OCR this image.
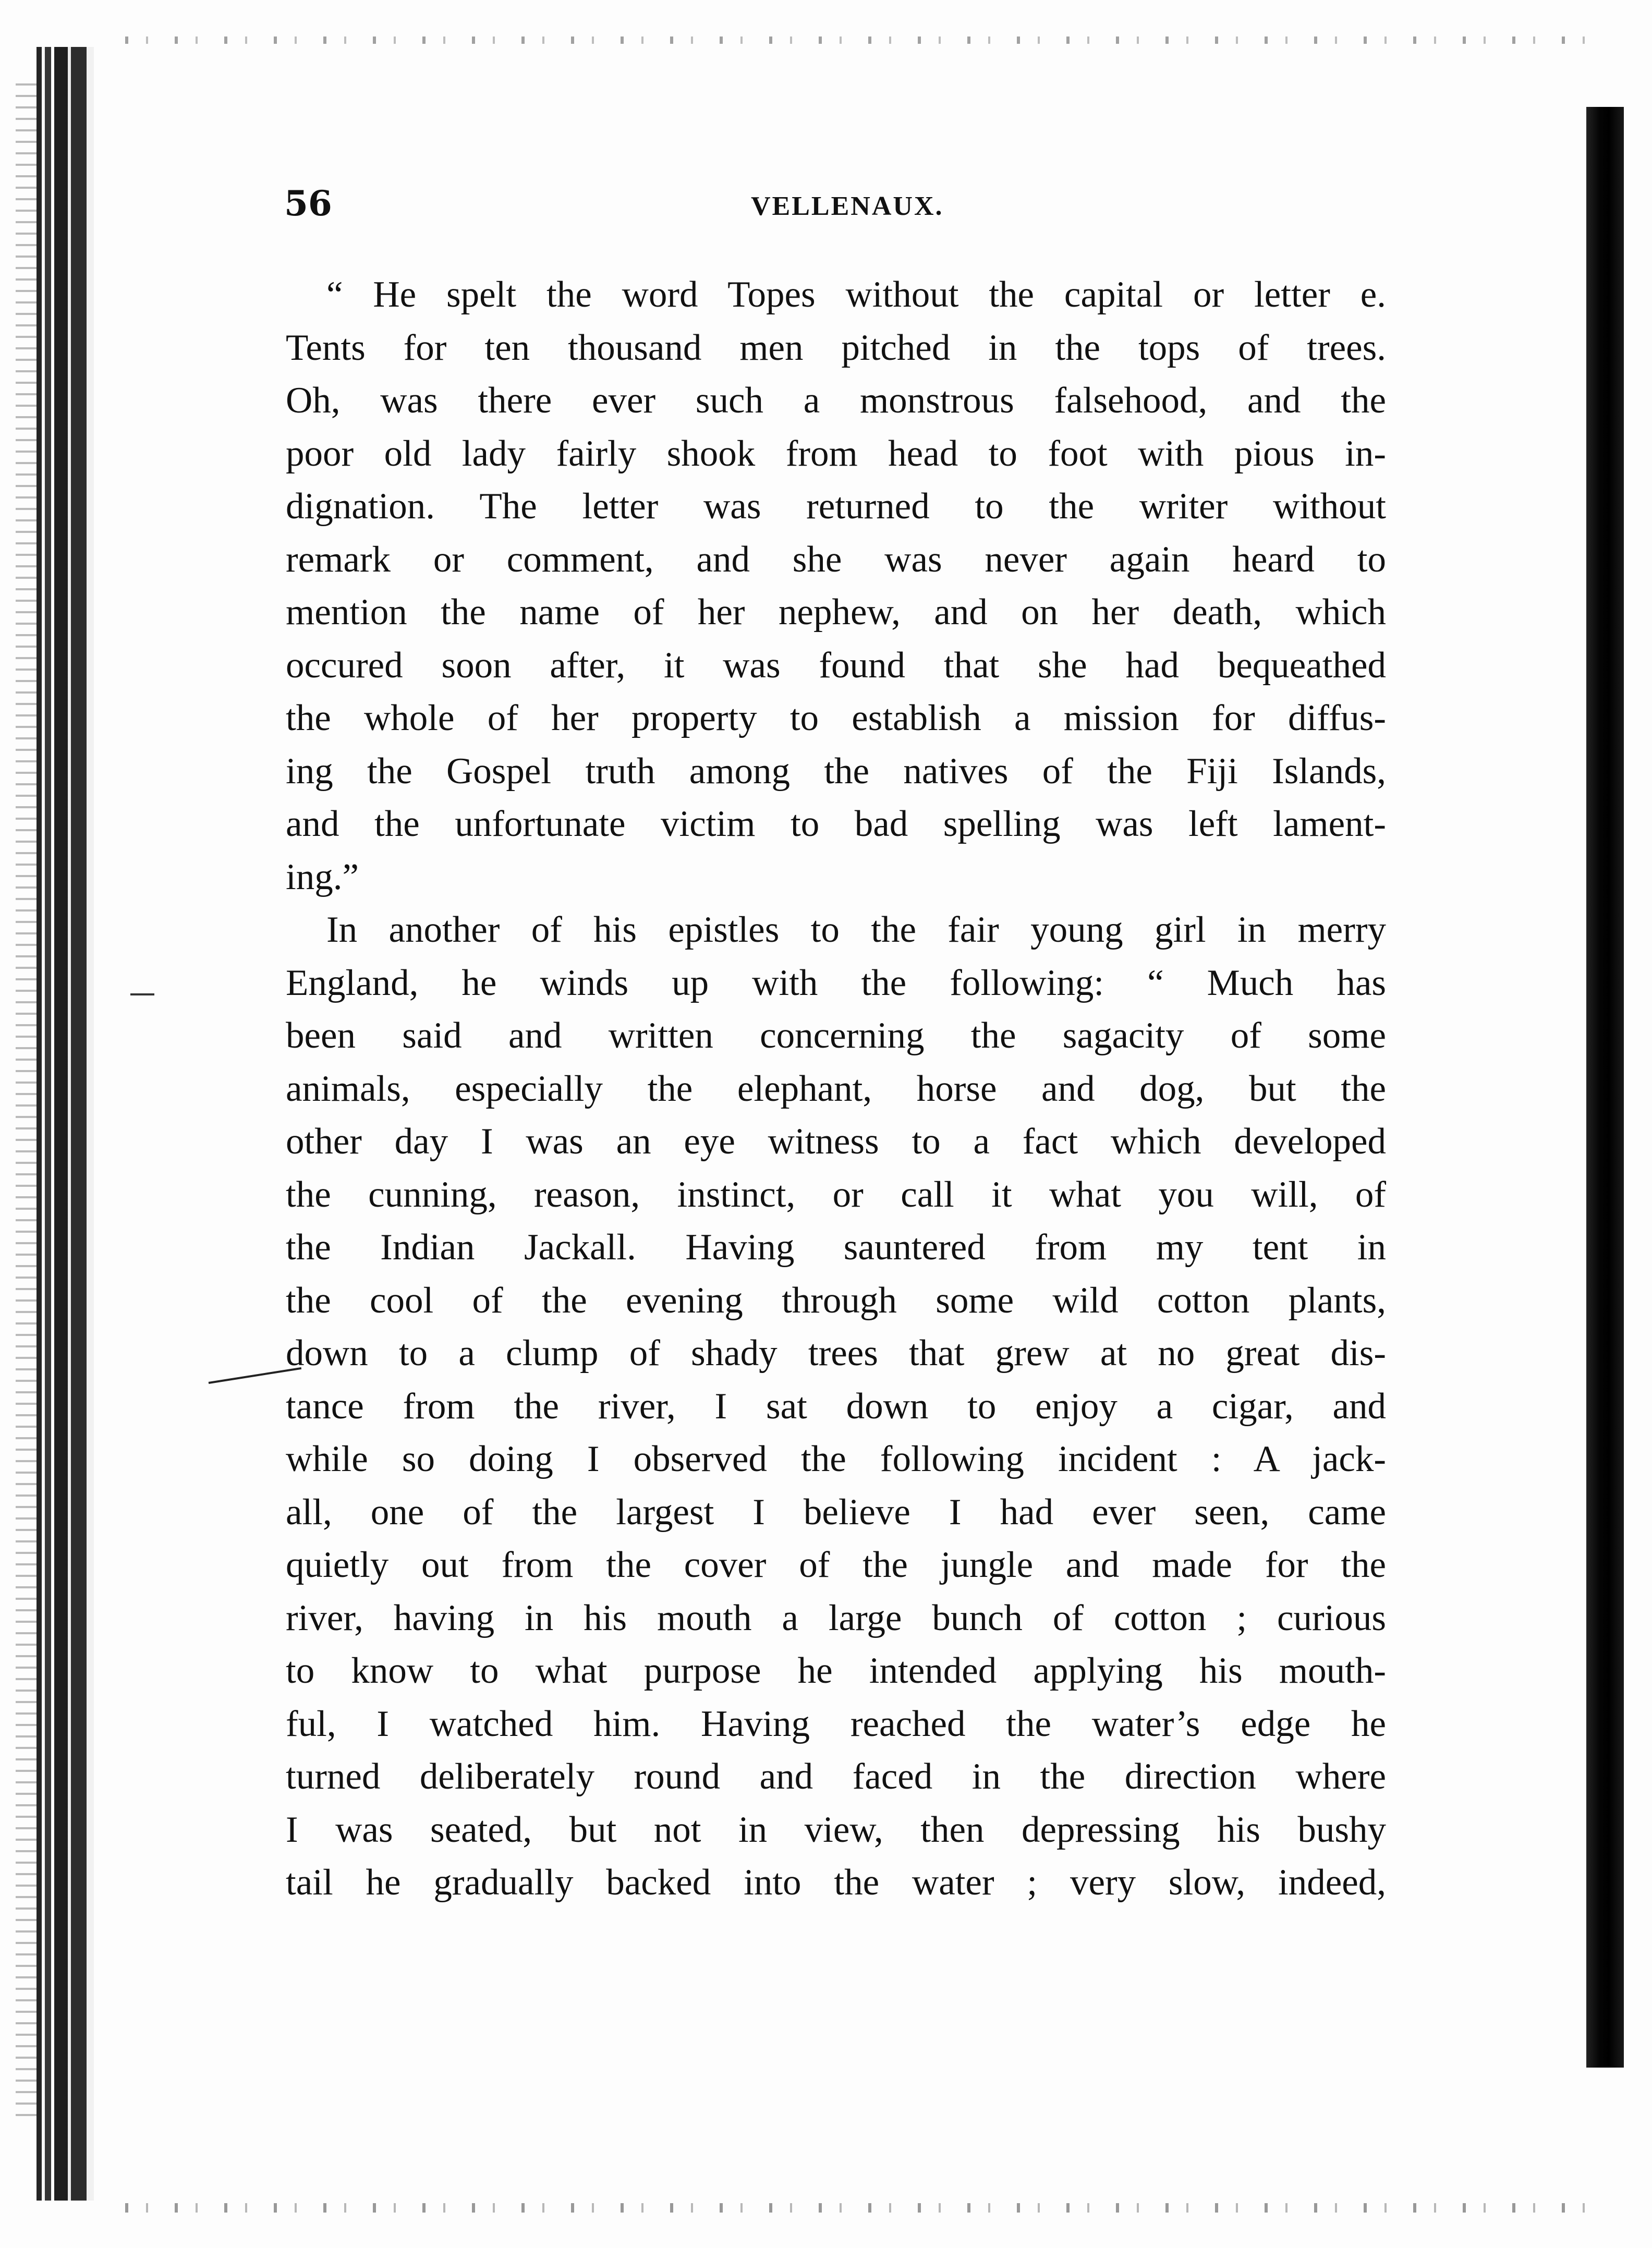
56	VELLENAUX.
“ He spelt the word Topes without the capital or letter e.
Tents for ten thousand men pitched in the tops of trees.
Oh, was there ever such a monstrous falsehood, and the
poor old lady fairly shook from head to foot with pious in-
dignation. The letter was returned to the writer without
remark or comment, and she was never again heard to
mention the name of her nephew, and on her death, which
occured soon after, it was found that she had bequeathed
the whole of her property to establish a mission for diffus-
ing the Gospel truth among the natives of the Fiji Islands,
and the unfortunate victim to bad spelling was left lament-
ing.”
In another of his epistles to the fair young girl in merry
England, he winds up with the following: “ Much has
been said and written concerning the sagacity of some
animals, especially the elephant, horse and dog, but the
other day I was an eye witness to a fact which developed
the cunning, reason, instinct, or call it what you will, of
the Indian Jackall. Having sauntered from my tent in
the cool of the evening through some wild cotton plants,
down to a clump of shady trees that grew at no great dis-
tance from the river, I sat down to enjoy a cigar, and
while so doing I observed the following incident : A jack-
all, one of the largest I believe I had ever seen, came
quietly out from the cover of the jungle and made for the
river, having in his mouth a large bunch of cotton ; curious
to know to what purpose he intended applying his mouth-
ful, I watched him. Having reached the water’s edge he
turned deliberately round and faced in the direction where
I was seated, but not in view, then depressing his bushy
tail he gradually backed into the water ; very slow, indeed,
